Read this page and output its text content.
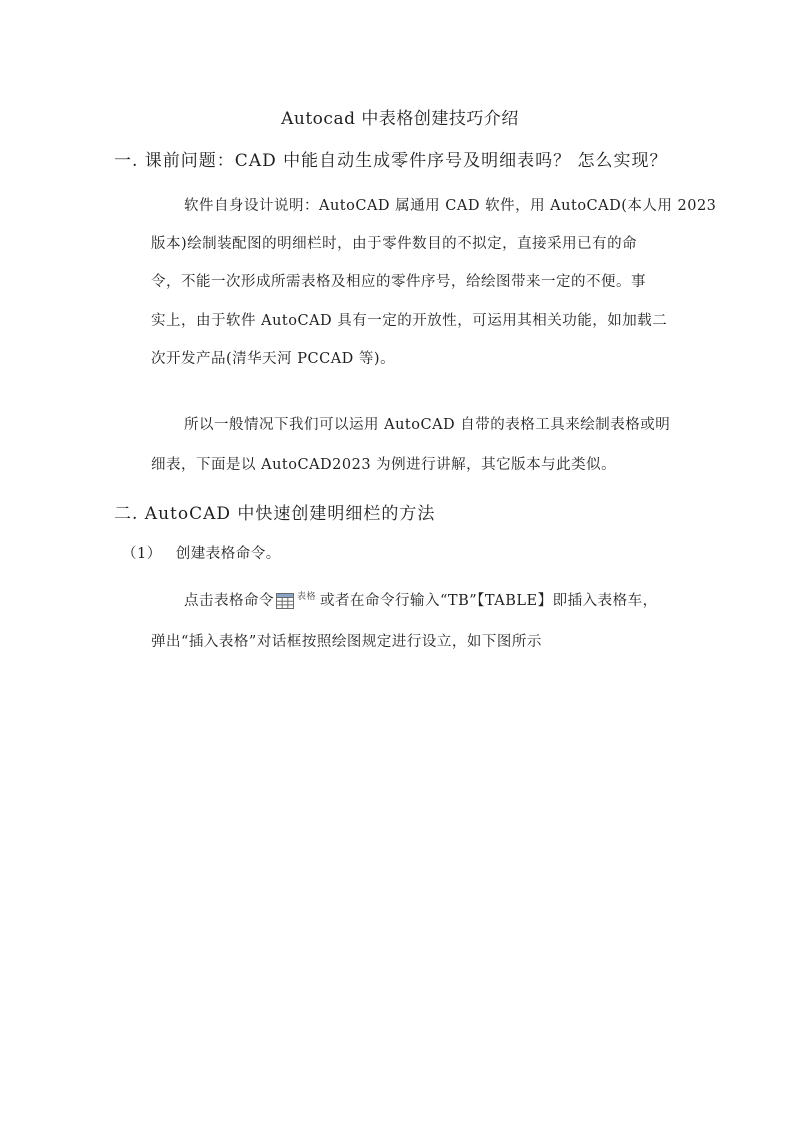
Autocad 中表格创建技巧介绍
一. 课前问题：CAD 中能自动生成零件序号及明细表吗？ 怎么实现？
软件自身设计说明：AutoCAD 属通用 CAD 软件，用 AutoCAD(本人用 2023
版本)绘制装配图的明细栏时，由于零件数目的不拟定，直接采用已有的命
令，不能一次形成所需表格及相应的零件序号，给绘图带来一定的不便。事
实上，由于软件 AutoCAD 具有一定的开放性，可运用其相关功能，如加载二
次开发产品(清华天河 PCCAD 等)。
所以一般情况下我们可以运用 AutoCAD 自带的表格工具来绘制表格或明
细表，下面是以 AutoCAD2023 为例进行讲解，其它版本与此类似。
二. AutoCAD 中快速创建明细栏的方法
（1） 创建表格命令。
点击表格命令	表格 或者在命令行输入“TB”【TABLE】即插入表格车，
弹出“插入表格”对话框按照绘图规定进行设立，如下图所示
